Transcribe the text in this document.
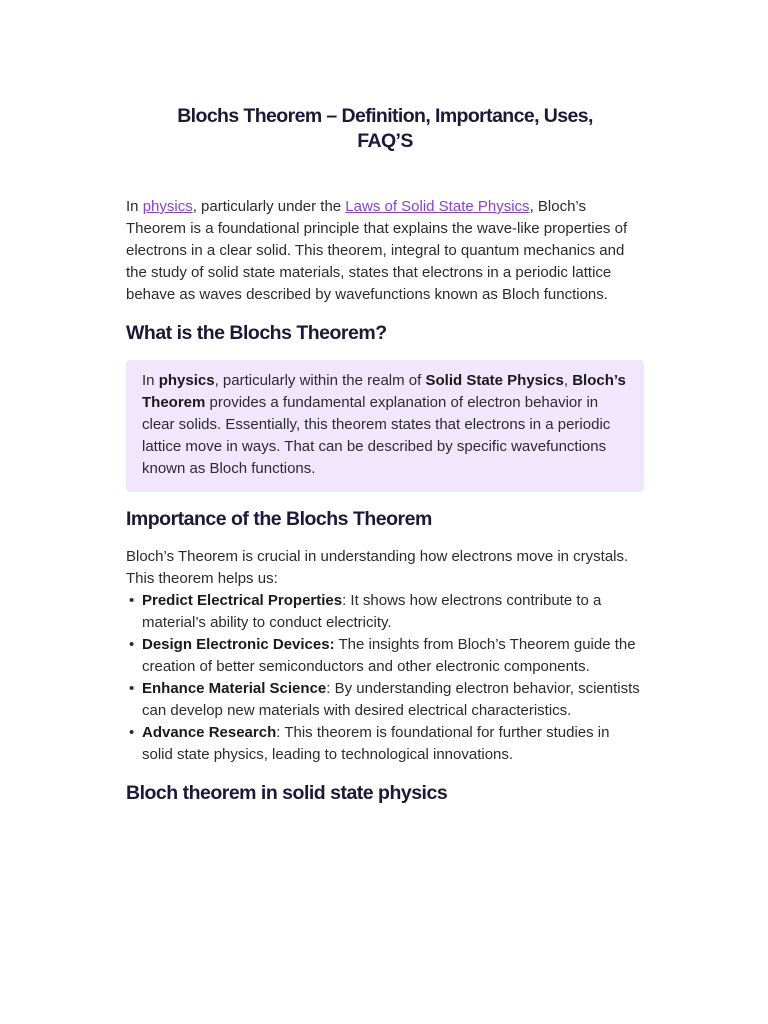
Blochs Theorem – Definition, Importance, Uses,
FAQ’S

In physics, particularly under the Laws of Solid State Physics, Bloch’s Theorem is a foundational principle that explains the wave-like properties of electrons in a clear solid. This theorem, integral to quantum mechanics and the study of solid state materials, states that electrons in a periodic lattice behave as waves described by wavefunctions known as Bloch functions.

What is the Blochs Theorem?

In physics, particularly within the realm of Solid State Physics, Bloch’s Theorem provides a fundamental explanation of electron behavior in clear solids. Essentially, this theorem states that electrons in a periodic lattice move in ways. That can be described by specific wavefunctions known as Bloch functions.

Importance of the Blochs Theorem

Bloch’s Theorem is crucial in understanding how electrons move in crystals. This theorem helps us:

• Predict Electrical Properties: It shows how electrons contribute to a material’s ability to conduct electricity.
• Design Electronic Devices: The insights from Bloch’s Theorem guide the creation of better semiconductors and other electronic components.
• Enhance Material Science: By understanding electron behavior, scientists can develop new materials with desired electrical characteristics.
• Advance Research: This theorem is foundational for further studies in solid state physics, leading to technological innovations.
Bloch theorem in solid state physics
